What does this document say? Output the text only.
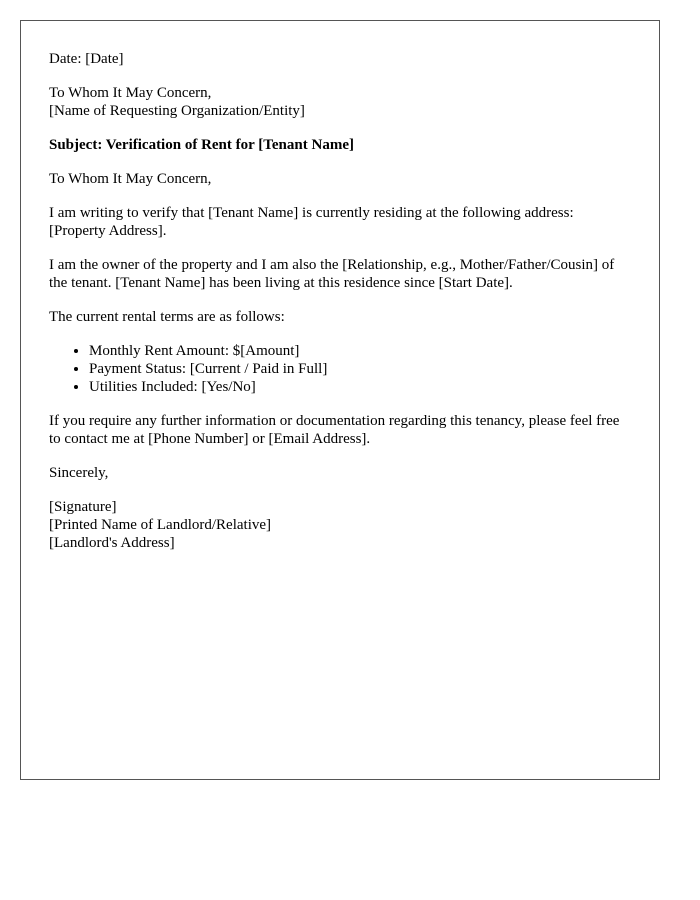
Date: [Date]

To Whom It May Concern,
[Name of Requesting Organization/Entity]

Subject: Verification of Rent for [Tenant Name]

To Whom It May Concern,

I am writing to verify that [Tenant Name] is currently residing at the following address: [Property Address].

I am the owner of the property and I am also the [Relationship, e.g., Mother/Father/Cousin] of the tenant. [Tenant Name] has been living at this residence since [Start Date].

The current rental terms are as follows:

• Monthly Rent Amount: $[Amount]
• Payment Status: [Current / Paid in Full]
• Utilities Included: [Yes/No]

If you require any further information or documentation regarding this tenancy, please feel free to contact me at [Phone Number] or [Email Address].

Sincerely,

[Signature]
[Printed Name of Landlord/Relative]
[Landlord's Address]
